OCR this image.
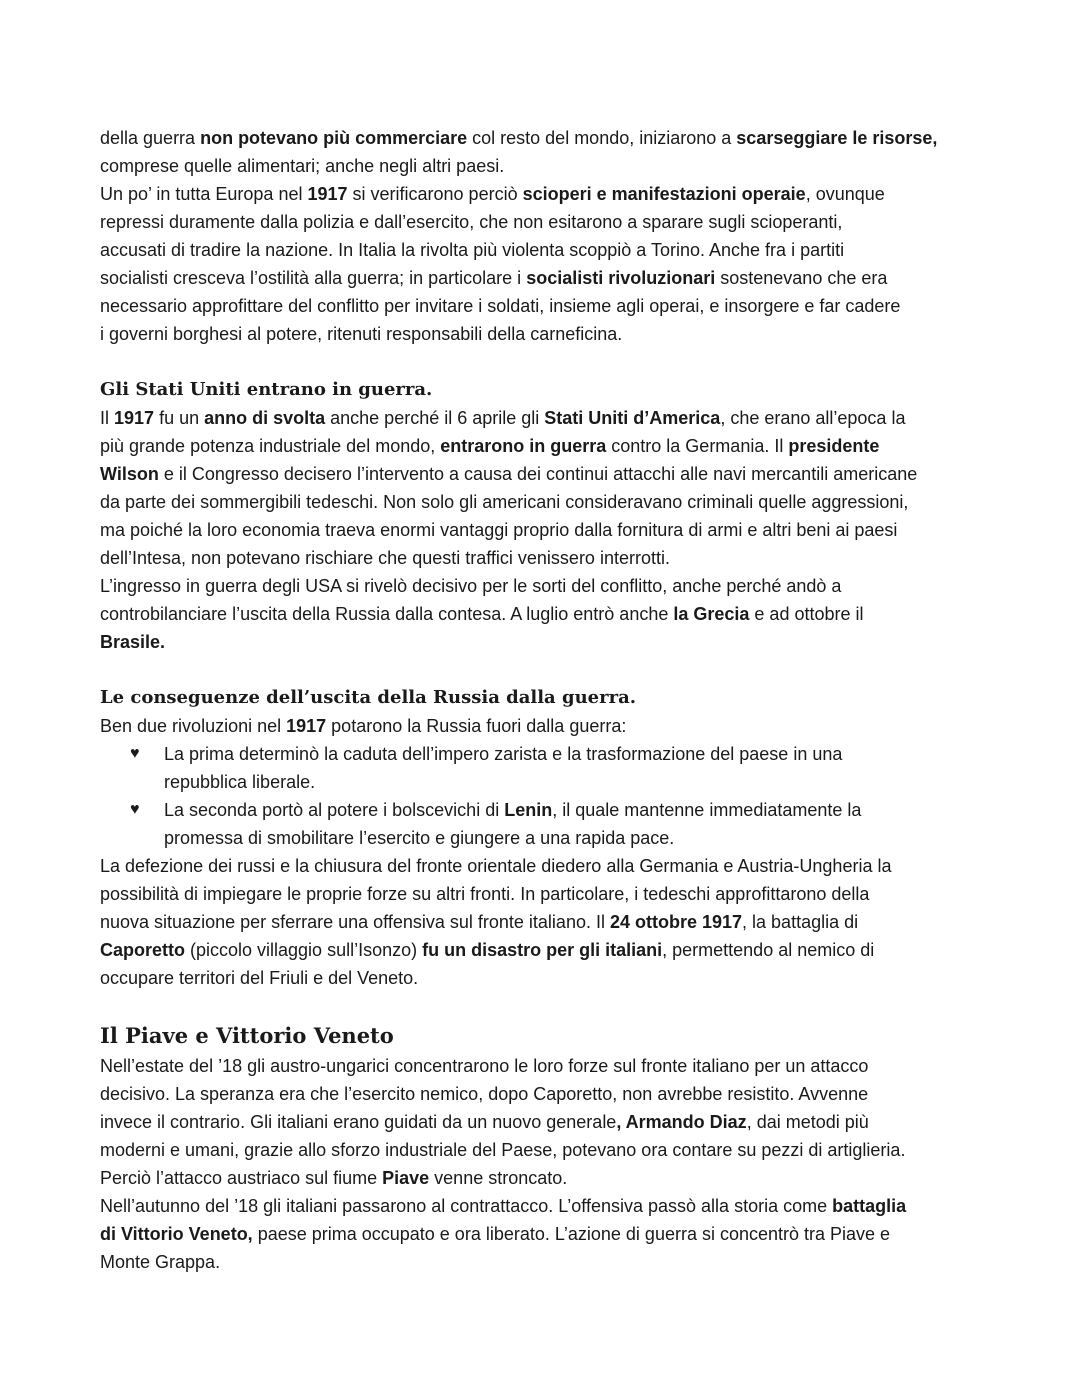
della guerra non potevano più commerciare col resto del mondo, iniziarono a scarseggiare le risorse,
comprese quelle alimentari; anche negli altri paesi.

Un po’ in tutta Europa nel 1917 si verificarono perciò scioperi e manifestazioni operaie, ovunque
repressi duramente dalla polizia e dall’esercito, che non esitarono a sparare sugli scioperanti,
accusati di tradire la nazione. In Italia la rivolta più violenta scoppiò a Torino. Anche fra i partiti
socialisti cresceva l’ostilità alla guerra; in particolare i socialisti rivoluzionari sostenevano che era
necessario approfittare del conflitto per invitare i soldati, insieme agli operai, e insorgere e far cadere
i governi borghesi al potere, ritenuti responsabili della carneficina.

Gli Stati Uniti entrano in guerra.

Il 1917 fu un anno di svolta anche perché il 6 aprile gli Stati Uniti d’America, che erano all’epoca la
più grande potenza industriale del mondo, entrarono in guerra contro la Germania. Il presidente
Wilson e il Congresso decisero l’intervento a causa dei continui attacchi alle navi mercantili americane
da parte dei sommergibili tedeschi. Non solo gli americani consideravano criminali quelle aggressioni,
ma poiché la loro economia traeva enormi vantaggi proprio dalla fornitura di armi e altri beni ai paesi
dell’Intesa, non potevano rischiare che questi traffici venissero interrotti.

L’ingresso in guerra degli USA si rivelò decisivo per le sorti del conflitto, anche perché andò a
controbilanciare l’uscita della Russia dalla contesa. A luglio entrò anche la Grecia e ad ottobre il
Brasile.

Le conseguenze dell’uscita della Russia dalla guerra.

Ben due rivoluzioni nel 1917 potarono la Russia fuori dalla guerra:

♥ La prima determinò la caduta dell’impero zarista e la trasformazione del paese in una
repubblica liberale.
♥ La seconda portò al potere i bolscevichi di Lenin, il quale mantenne immediatamente la
promessa di smobilitare l’esercito e giungere a una rapida pace.

La defezione dei russi e la chiusura del fronte orientale diedero alla Germania e Austria-Ungheria la
possibilità di impiegare le proprie forze su altri fronti. In particolare, i tedeschi approfittarono della
nuova situazione per sferrare una offensiva sul fronte italiano. Il 24 ottobre 1917, la battaglia di
Caporetto (piccolo villaggio sull’Isonzo) fu un disastro per gli italiani, permettendo al nemico di
occupare territori del Friuli e del Veneto.

Il Piave e Vittorio Veneto

Nell’estate del ’18 gli austro-ungarici concentrarono le loro forze sul fronte italiano per un attacco
decisivo. La speranza era che l’esercito nemico, dopo Caporetto, non avrebbe resistito. Avvenne
invece il contrario. Gli italiani erano guidati da un nuovo generale, Armando Diaz, dai metodi più
moderni e umani, grazie allo sforzo industriale del Paese, potevano ora contare su pezzi di artiglieria.
Perciò l’attacco austriaco sul fiume Piave venne stroncato.

Nell’autunno del ’18 gli italiani passarono al contrattacco. L’offensiva passò alla storia come battaglia
di Vittorio Veneto, paese prima occupato e ora liberato. L’azione di guerra si concentrò tra Piave e
Monte Grappa.
